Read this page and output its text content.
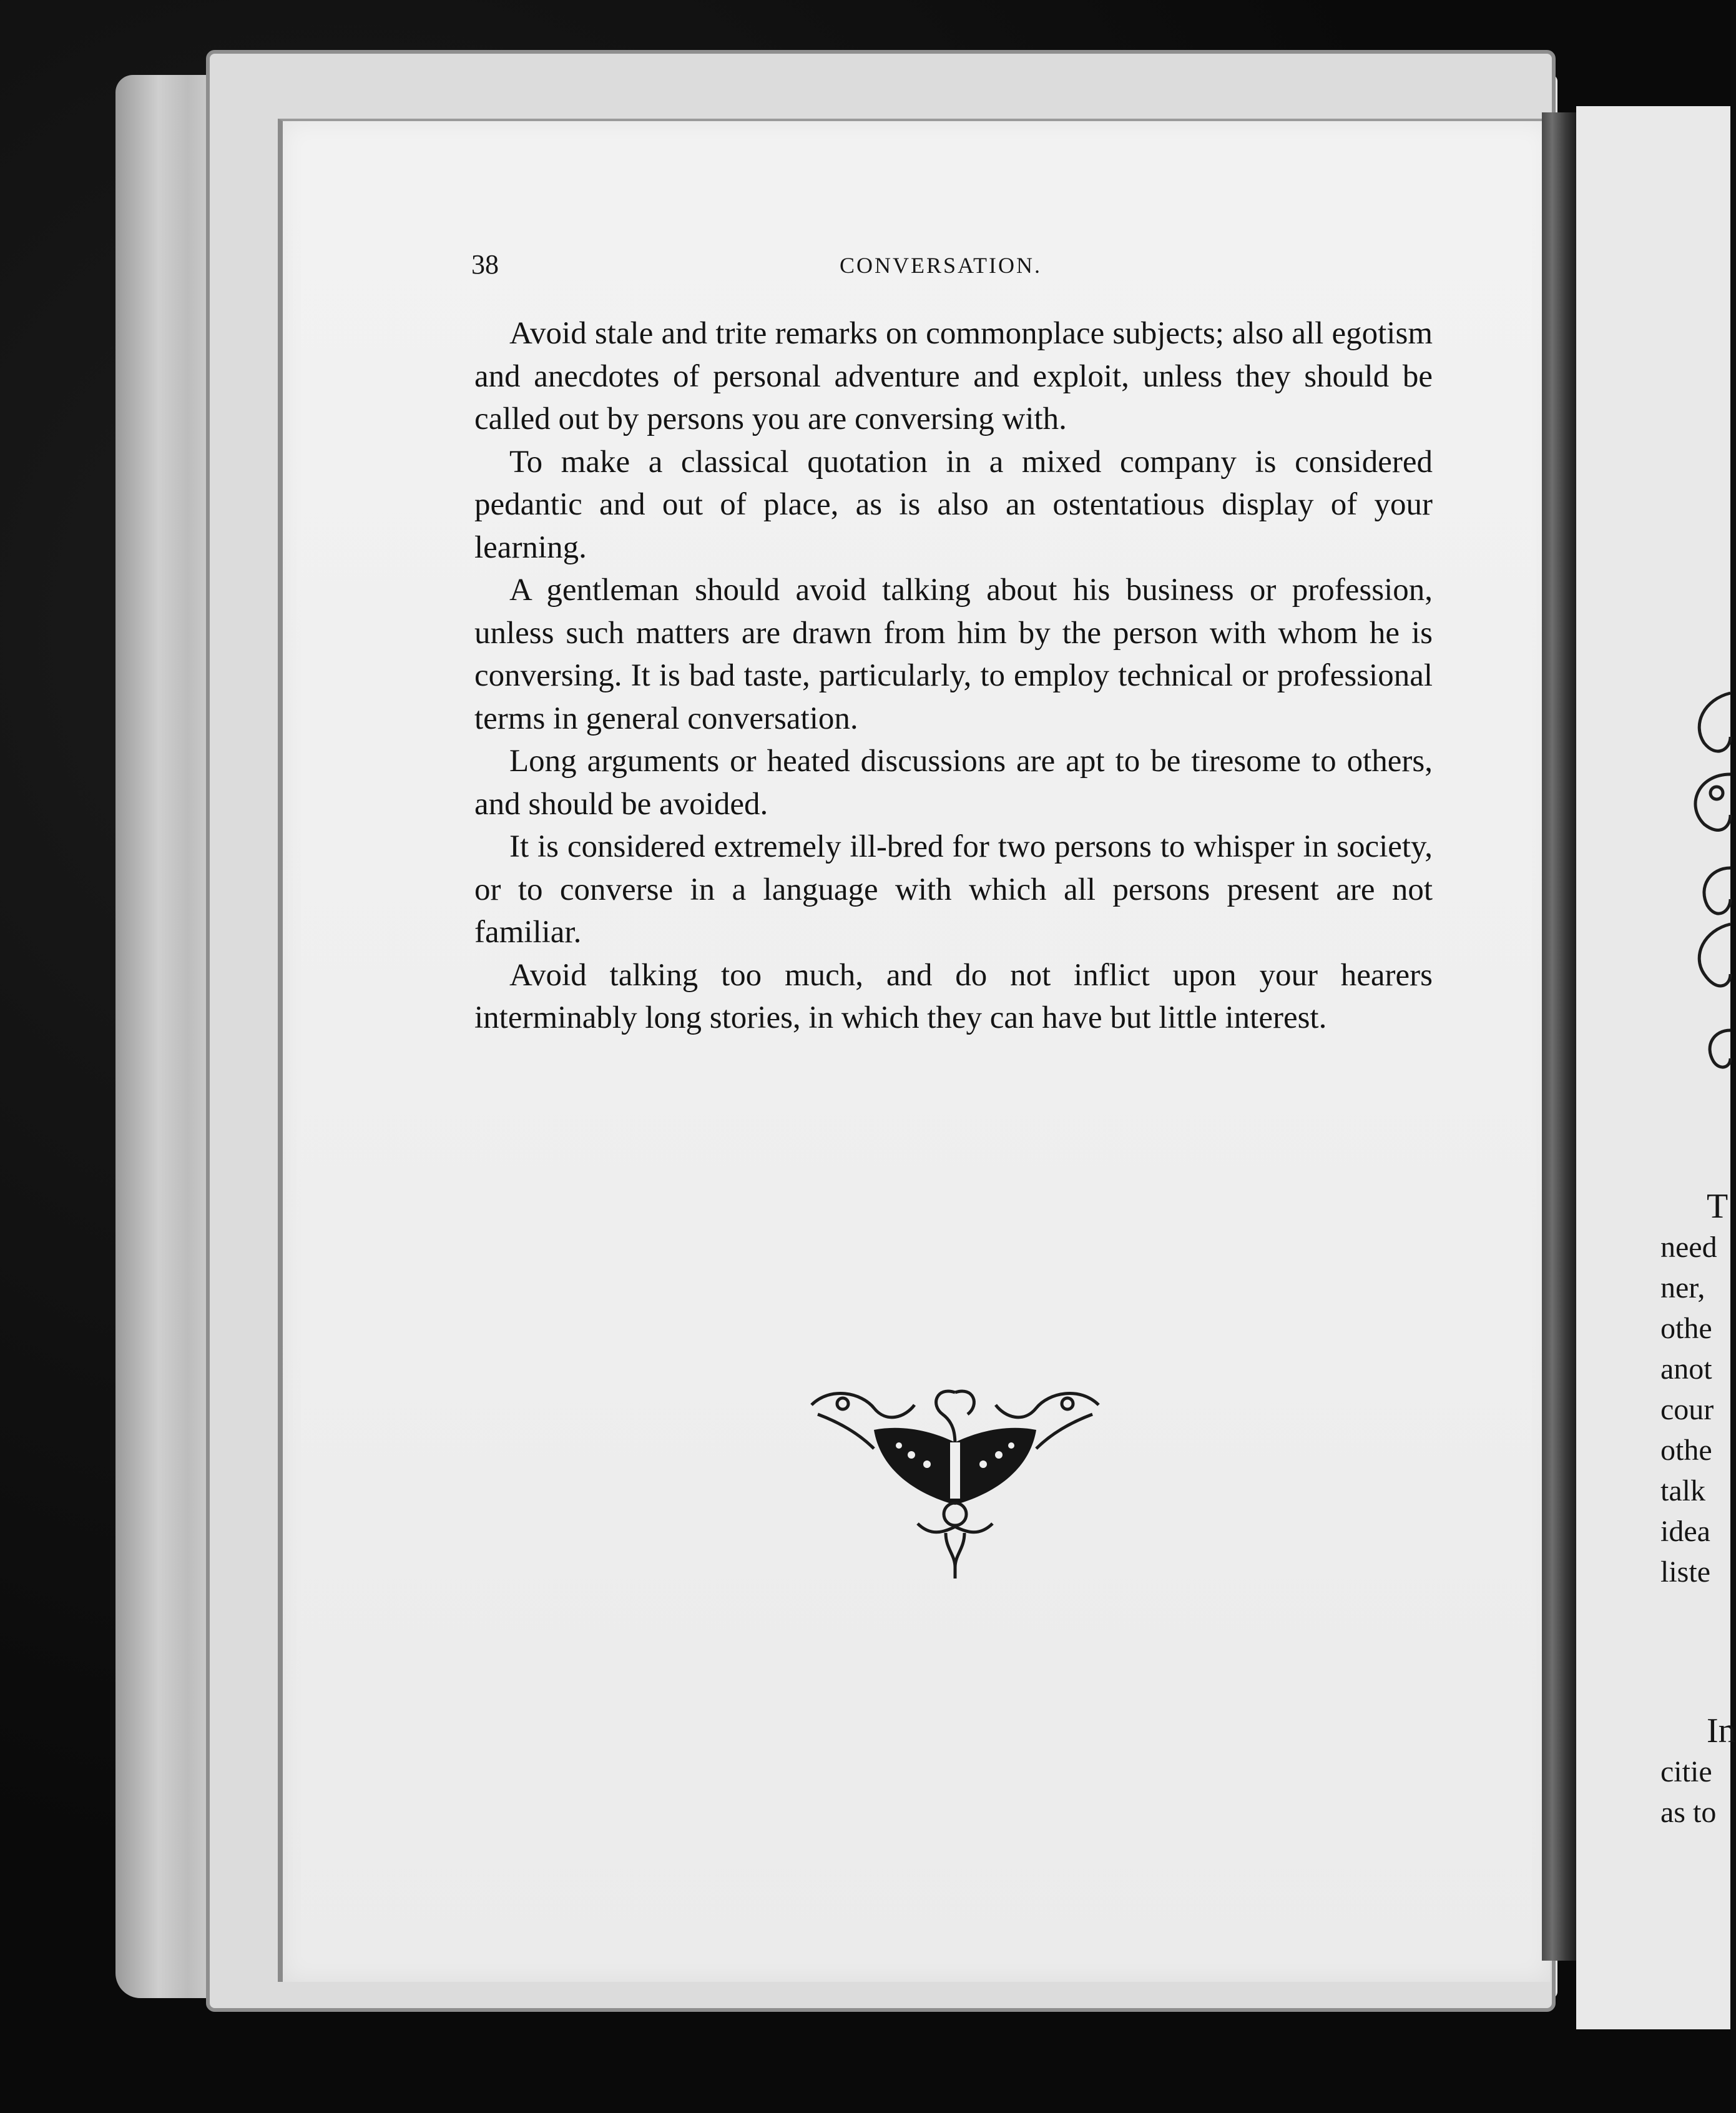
38	CONVERSATION.

Avoid stale and trite remarks on commonplace subjects; also all egotism and anecdotes of personal adventure and exploit, unless they should be called out by persons you are conversing with.

To make a classical quotation in a mixed company is considered pedantic and out of place, as is also an ostentatious display of your learning.

A gentleman should avoid talking about his business or profession, unless such matters are drawn from him by the person with whom he is conversing. It is bad taste, particularly, to employ technical or professional terms in general conversation.

Long arguments or heated discussions are apt to be tiresome to others, and should be avoided.

It is considered extremely ill-bred for two persons to whisper in society, or to converse in a language with which all persons present are not familiar.

Avoid talking too much, and do not inflict upon your hearers interminably long stories, in which they can have but little interest.

T
need
ner,
othe
anot
cour
othe
talk
idea
liste
In
citie
as to
